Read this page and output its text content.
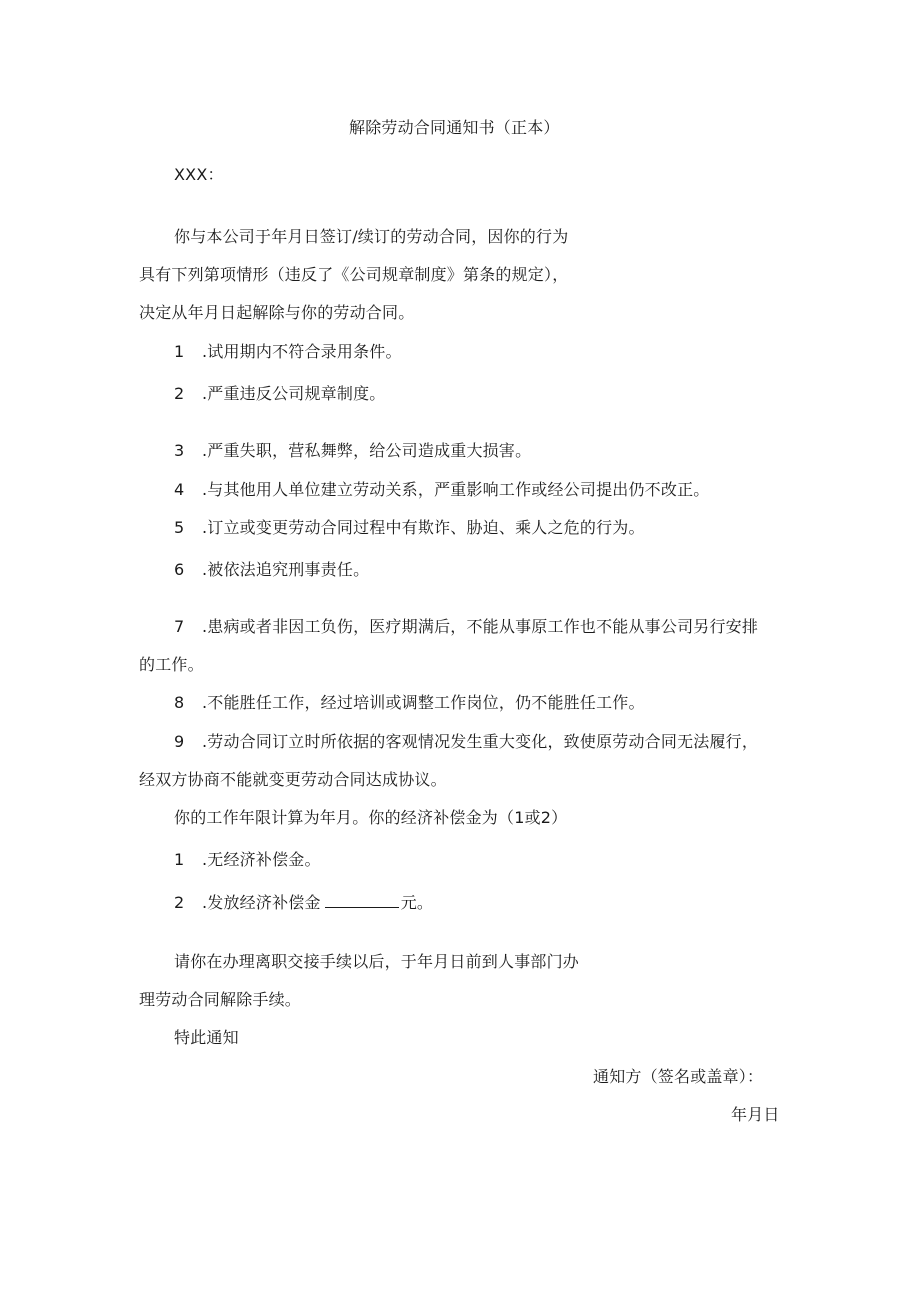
解除劳动合同通知书（正本）
XXX：
你与本公司于年月日签订/续订的劳动合同，因你的行为
具有下列第项情形（违反了《公司规章制度》第条的规定），
决定从年月日起解除与你的劳动合同。
1 .试用期内不符合录用条件。
2 .严重违反公司规章制度。
3 .严重失职，营私舞弊，给公司造成重大损害。
4 .与其他用人单位建立劳动关系，严重影响工作或经公司提出仍不改正。
5 .订立或变更劳动合同过程中有欺诈、胁迫、乘人之危的行为。
6 .被依法追究刑事责任。
7 .患病或者非因工负伤，医疗期满后，不能从事原工作也不能从事公司另行安排
的工作。
8 .不能胜任工作，经过培训或调整工作岗位，仍不能胜任工作。
9 .劳动合同订立时所依据的客观情况发生重大变化，致使原劳动合同无法履行，
经双方协商不能就变更劳动合同达成协议。
你的工作年限计算为年月。你的经济补偿金为（1或2）
1 .无经济补偿金。
2 .发放经济补偿金	元。
请你在办理离职交接手续以后，于年月日前到人事部门办
理劳动合同解除手续。
特此通知
通知方（签名或盖章）：
年月日
